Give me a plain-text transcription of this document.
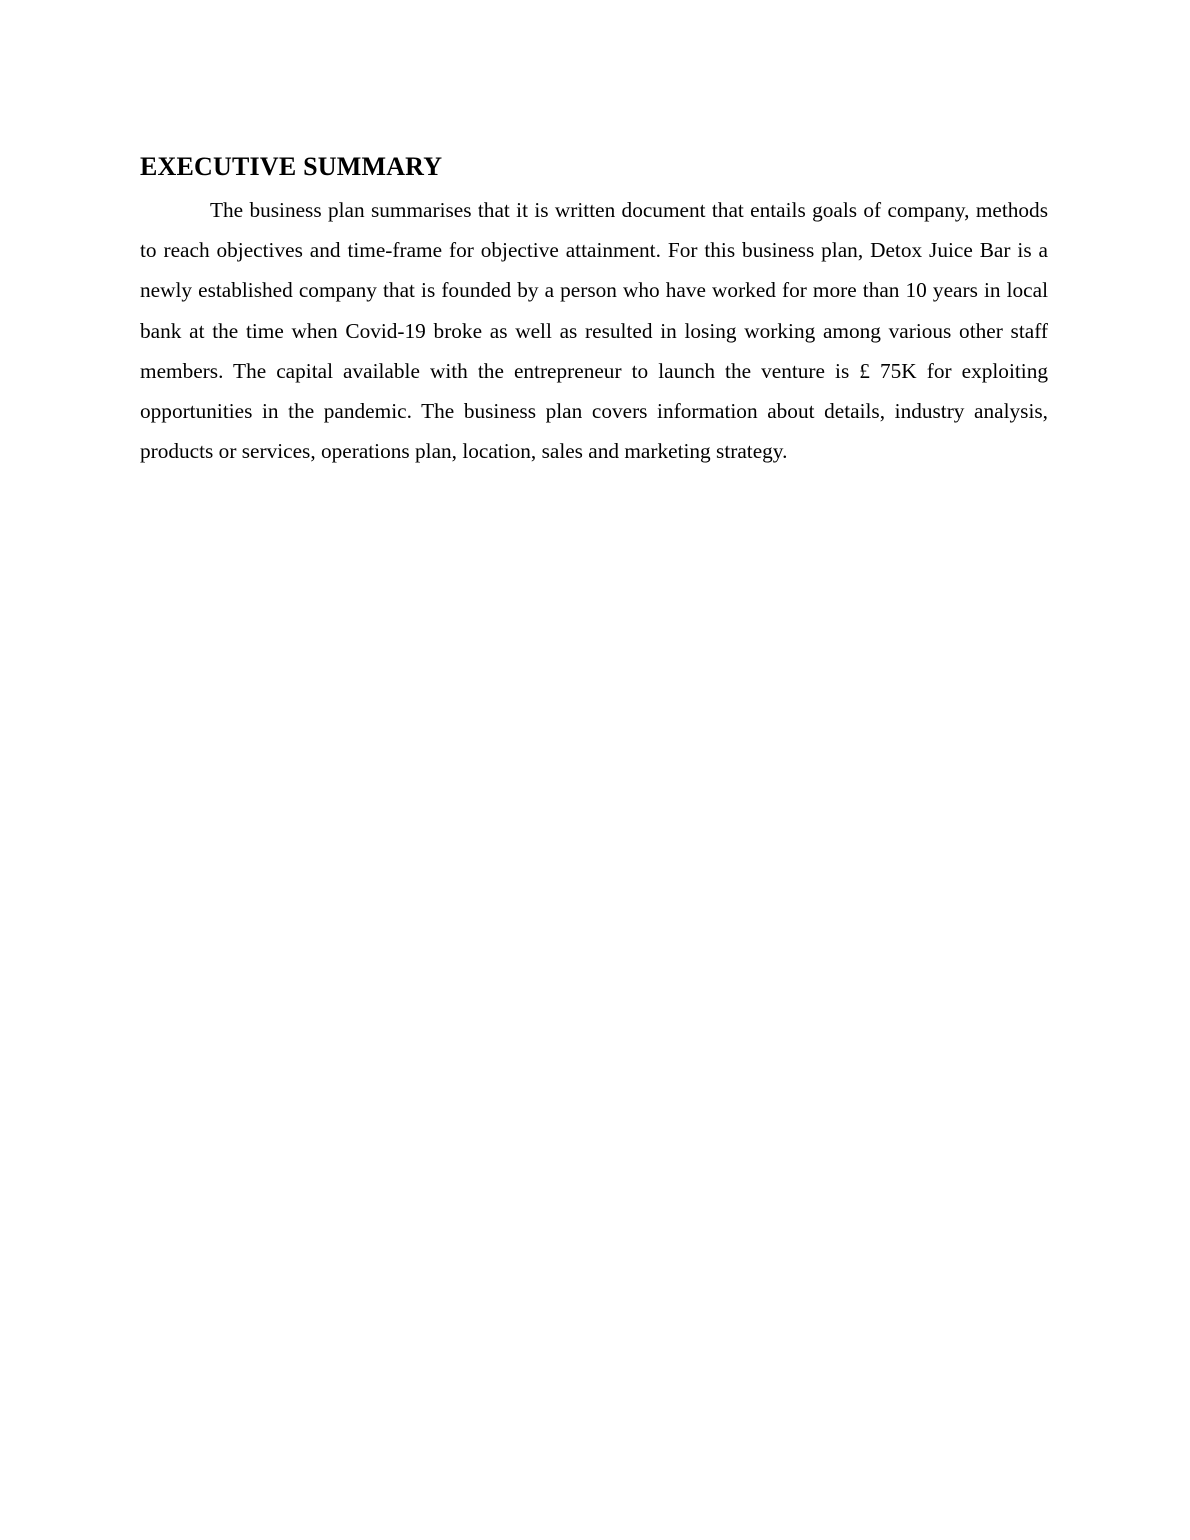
EXECUTIVE SUMMARY

The business plan summarises that it is written document that entails goals of company, methods to reach objectives and time-frame for objective attainment. For this business plan, Detox Juice Bar is a newly established company that is founded by a person who have worked for more than 10 years in local bank at the time when Covid-19 broke as well as resulted in losing working among various other staff members. The capital available with the entrepreneur to launch the venture is £ 75K for exploiting opportunities in the pandemic. The business plan covers information about details, industry analysis, products or services, operations plan, location, sales and marketing strategy.
